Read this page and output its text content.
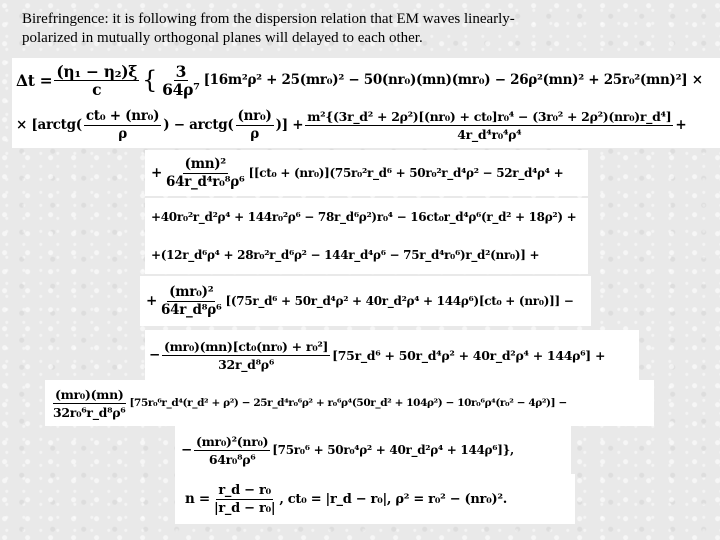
Birefringence: it is following from the dispersion relation that EM waves linearly-
polarized in mutually orthogonal planes will delayed to each other.
$\Delta t = \frac{\text{(η₁ − η₂)ξ}}{c}$ { $\frac{3}{\text{64ρ⁷}} [16m^2\rho^2 + 25(mr_0)^2 - 50(nr_0)(mn)(mr_0) - 26\rho^2(mn)^2 + 25r_0^2(mn)^2]$ ×
× [arctg( $\frac{\text{ct₀ + (nr₀)}}{\rho}$ ) − arctg( $\frac{\text{(nr₀)}}{\rho}$ )] + $\frac{\text{m²\{(3r\_d² + 2ρ²)[(nr₀) + ct₀]r₀⁴ − (3r₀² + 2ρ²)(nr₀)r\_d⁴]}}{\text{4r\_d⁴r₀⁴ρ⁴}}$ +
+ $\frac{\text{(mn)²}}{\text{64r\_d⁴r₀⁸ρ⁶}} [[ct_0$ + (nr₀)](75r₀²r_d⁶ + 50r₀²r_d⁴ρ² − 52r_d⁴ρ⁴ +
+40r₀²r_d²ρ⁴ + 144r₀²ρ⁶ − 78r_d⁶ρ²)r₀⁴ − 16ct₀r_d⁴ρ⁶(r_d² + 18ρ²) +
+(12r_d⁶ρ⁴ + 28r₀²r_d⁶ρ² − 144r_d⁴ρ⁶ − 75r_d⁴r₀⁶)r_d²(nr₀)] +
+ $\frac{\text{(mr₀)²}}{\text{64r\_d⁸ρ⁶}}$ [(75r_d⁶ + 50r_d⁴ρ² + 40r_d²ρ⁴ + 144ρ⁶)[ct₀ + (nr₀)]] −
− $\frac{\text{(mr₀)(mn)[ct₀(nr₀) + r₀²]}}{\text{32r\_d⁸ρ⁶}}$ [75r_d⁶ + 50r_d⁴ρ² + 40r_d²ρ⁴ + 144ρ⁶] +
$\frac{\text{(mr₀)(mn)}}{\text{32r₀⁶r\_d⁸ρ⁶}}$ [75r₀⁶r_d⁴(r_d² + ρ²) − 25r_d⁴r₀⁶ρ² + r₀⁶ρ⁴(50r_d² + 104ρ²) − 10r₀⁶ρ⁴(r₀² − 4ρ²)] −
− $\frac{\text{(mr₀)²(nr₀)}}{\text{64r₀⁸ρ⁶}} [75r_0^6 + 50r_0^4\rho^2$ + 40r_d²ρ⁴ + 144ρ⁶]},
$n = \frac{\text{r\_d − r₀}}{\text{|r\_d − r₀|}}$ , ct₀ = |r_d − r₀|, ρ² = r₀² − (nr₀)².
